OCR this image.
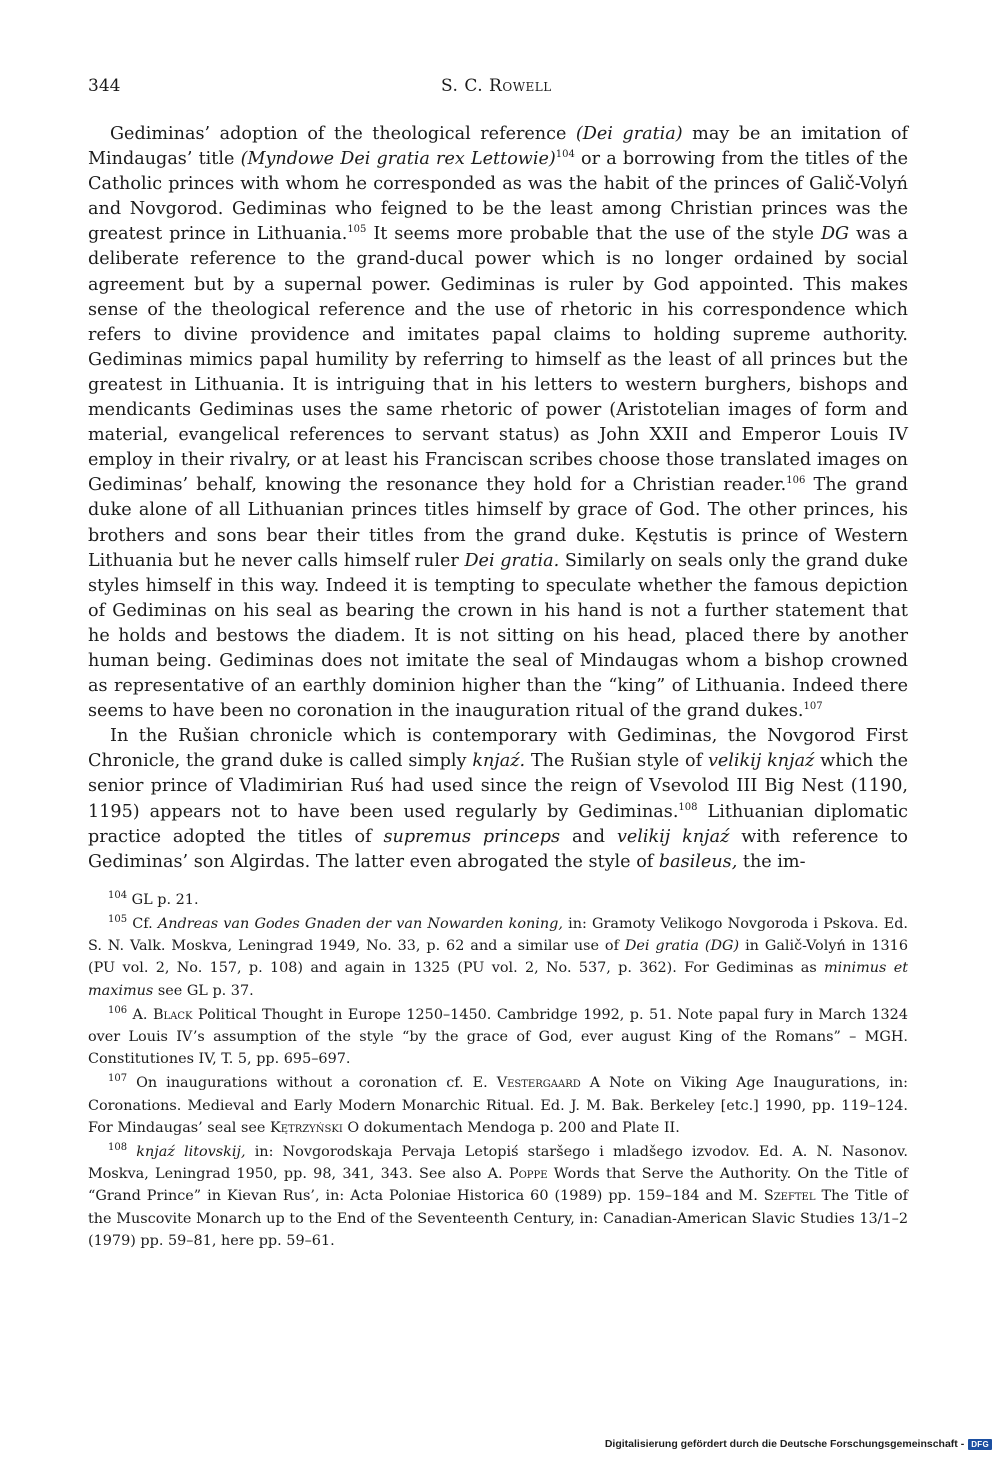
344	S. C. Rowell

Gediminas’ adoption of the theological reference (Dei gratia) may be an imitation of Mindaugas’ title (Myndowe Dei gratia rex Lettowie)$^{104}$ or a borrowing from the titles of the Catholic princes with whom he corresponded as was the habit of the princes of Galič-Volyń and Novgorod. Gediminas who feigned to be the least among Christian princes was the greatest prince in Lithuania.$^{105}$ It seems more probable that the use of the style DG was a deliberate reference to the grand-ducal power which is no longer ordained by social agreement but by a supernal power. Gediminas is ruler by God appointed. This makes sense of the theological reference and the use of rhetoric in his correspondence which refers to divine providence and imitates papal claims to holding supreme authority. Gediminas mimics papal humility by referring to himself as the least of all princes but the greatest in Lithuania. It is intriguing that in his letters to western burghers, bishops and mendicants Gediminas uses the same rhetoric of power (Aristotelian images of form and material, evangelical references to servant status) as John XXII and Emperor Louis IV employ in their rivalry, or at least his Franciscan scribes choose those translated images on Gediminas’ behalf, knowing the resonance they hold for a Christian reader.$^{106}$ The grand duke alone of all Lithuanian princes titles himself by grace of God. The other princes, his brothers and sons bear their titles from the grand duke. Kęstutis is prince of Western Lithuania but he never calls himself ruler Dei gratia. Similarly on seals only the grand duke styles himself in this way. Indeed it is tempting to speculate whether the famous depiction of Gediminas on his seal as bearing the crown in his hand is not a further statement that he holds and bestows the diadem. It is not sitting on his head, placed there by another human being. Gediminas does not imitate the seal of Mindaugas whom a bishop crowned as representative of an earthly dominion higher than the “king” of Lithuania. Indeed there seems to have been no coronation in the inauguration ritual of the grand dukes.$^{107}$

In the Rušian chronicle which is contemporary with Gediminas, the Novgorod First Chronicle, the grand duke is called simply knjaź. The Rušian style of velikij knjaź which the senior prince of Vladimirian Ruś had used since the reign of Vsevolod III Big Nest (1190, 1195) appears not to have been used regularly by Gediminas.$^{108}$ Lithuanian diplomatic practice adopted the titles of supremus princeps and velikij knjaź with reference to Gediminas’ son Algirdas. The latter even abrogated the style of basileus, the im-

$^{104}$ GL p. 21.

$^{105}$ Cf. Andreas van Godes Gnaden der van Nowarden koning, in: Gramoty Velikogo Novgoroda i Pskova. Ed. S. N. Valk. Moskva, Leningrad 1949, No. 33, p. 62 and a similar use of Dei gratia (DG) in Galič-Volyń in 1316 (PU vol. 2, No. 157, p. 108) and again in 1325 (PU vol. 2, No. 537, p. 362). For Gediminas as minimus et maximus see GL p. 37.

$^{106}$ A. Black Political Thought in Europe 1250–1450. Cambridge 1992, p. 51. Note papal fury in March 1324 over Louis IV’s assumption of the style “by the grace of God, ever august King of the Romans” – MGH. Constitutiones IV, T. 5, pp. 695–697.

$^{107}$ On inaugurations without a coronation cf. E. Vestergaard A Note on Viking Age Inaugurations, in: Coronations. Medieval and Early Modern Monarchic Ritual. Ed. J. M. Bak. Berkeley [etc.] 1990, pp. 119–124. For Mindaugas’ seal see Kętrzyński O dokumentach Mendoga p. 200 and Plate II.

$^{108}$ knjaź litovskij, in: Novgorodskaja Pervaja Letopiś staršego i mladšego izvodov. Ed. A. N. Nasonov. Moskva, Leningrad 1950, pp. 98, 341, 343. See also A. Poppe Words that Serve the Authority. On the Title of “Grand Prince” in Kievan Rus’, in: Acta Poloniae Historica 60 (1989) pp. 159–184 and M. Szeftel The Title of the Muscovite Monarch up to the End of the Seventeenth Century, in: Canadian-American Slavic Studies 13/1–2 (1979) pp. 59–81, here pp. 59–61.

Digitalisierung gefördert durch die Deutsche Forschungsgemeinschaft - DFG
